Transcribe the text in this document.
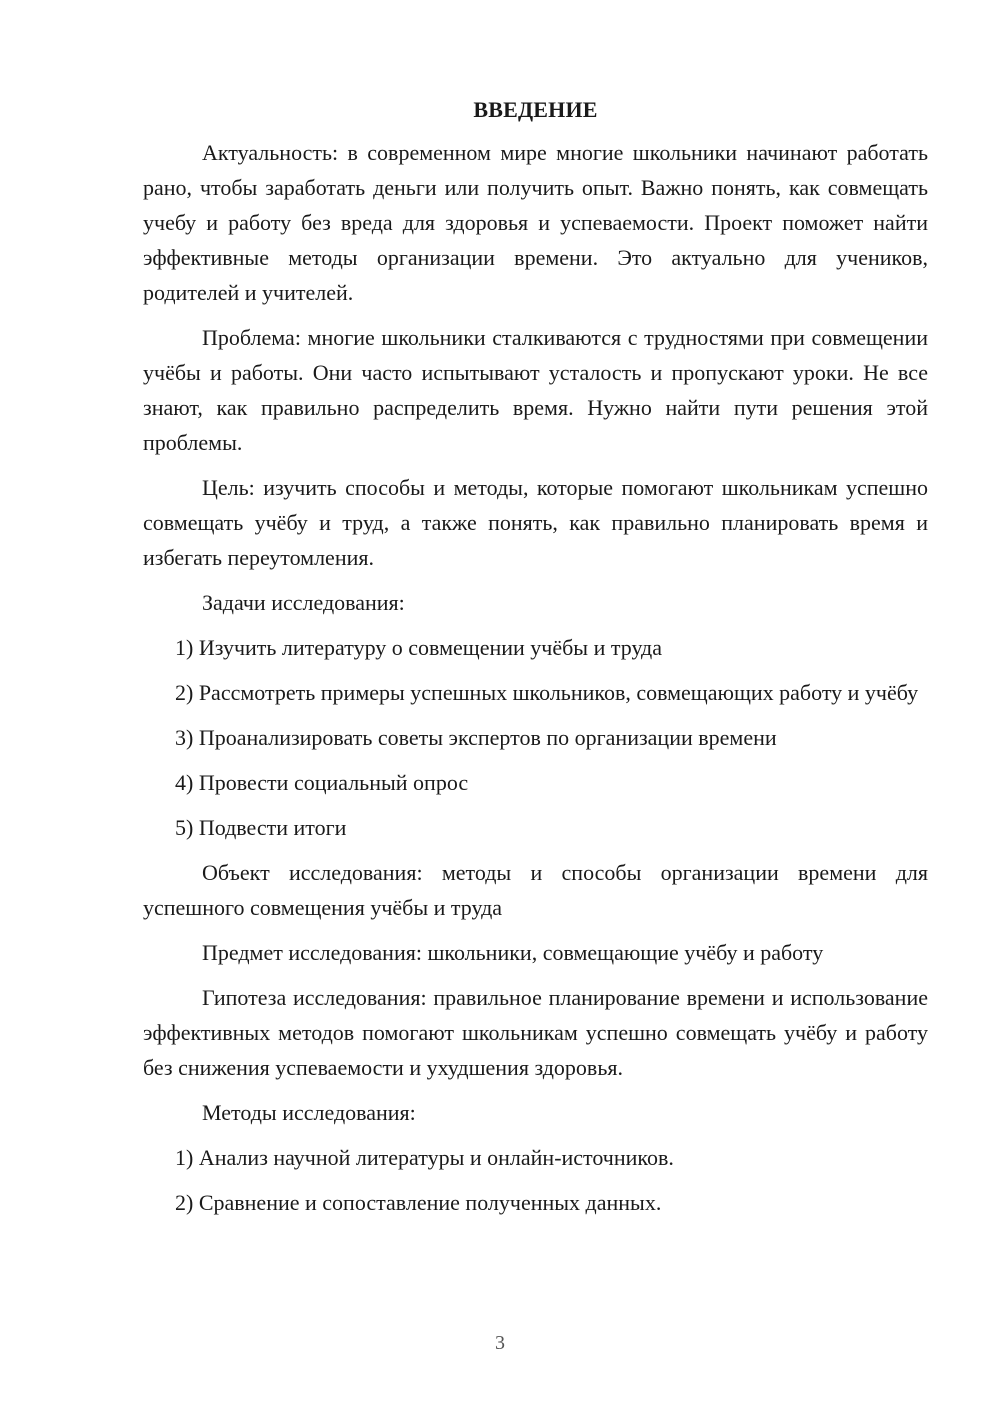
ВВЕДЕНИЕ

Актуальность: в современном мире многие школьники начинают работать рано, чтобы заработать деньги или получить опыт. Важно понять, как совмещать учебу и работу без вреда для здоровья и успеваемости. Проект поможет найти эффективные методы организации времени. Это актуально для учеников, родителей и учителей.

Проблема: многие школьники сталкиваются с трудностями при совмещении учёбы и работы. Они часто испытывают усталость и пропускают уроки. Не все знают, как правильно распределить время. Нужно найти пути решения этой проблемы.

Цель: изучить способы и методы, которые помогают школьникам успешно совмещать учёбу и труд, а также понять, как правильно планировать время и избегать переутомления.

Задачи исследования:

1) Изучить литературу о совмещении учёбы и труда

2) Рассмотреть примеры успешных школьников, совмещающих работу и учёбу

3) Проанализировать советы экспертов по организации времени

4) Провести социальный опрос

5) Подвести итоги

Объект исследования: методы и способы организации времени для успешного совмещения учёбы и труда

Предмет исследования: школьники, совмещающие учёбу и работу

Гипотеза исследования: правильное планирование времени и использование эффективных методов помогают школьникам успешно совмещать учёбу и работу без снижения успеваемости и ухудшения здоровья.

Методы исследования:

1) Анализ научной литературы и онлайн-источников.

2) Сравнение и сопоставление полученных данных.

3
